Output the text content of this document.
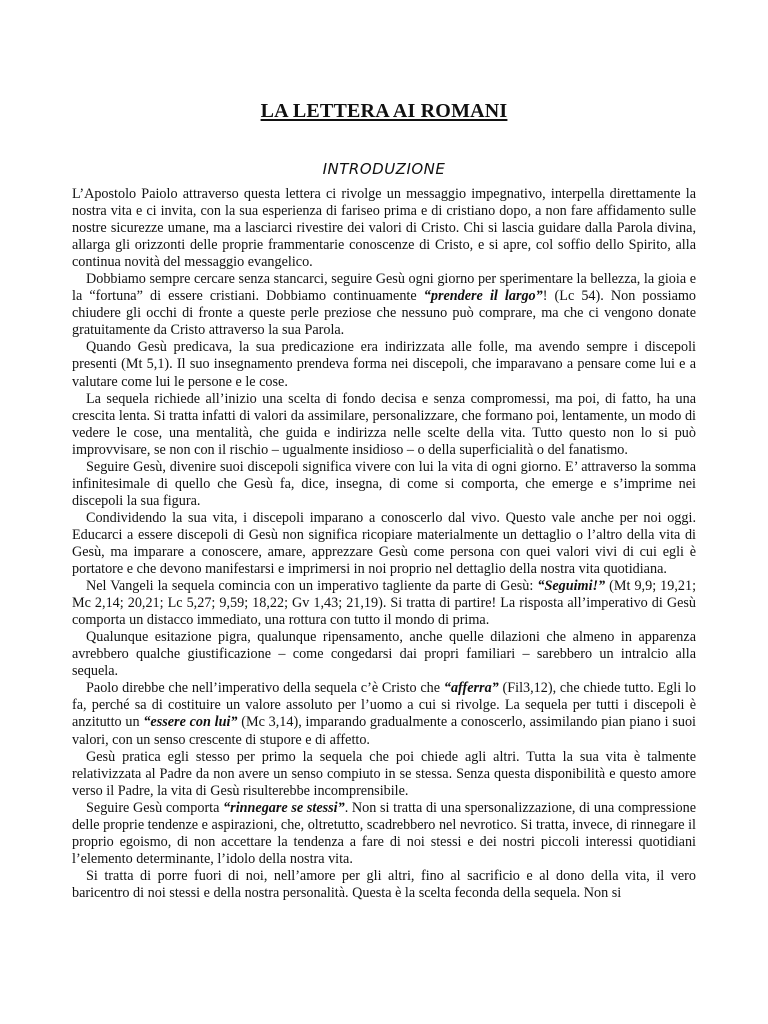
LA LETTERA AI ROMANI
INTRODUZIONE

L’Apostolo Paiolo attraverso questa lettera ci rivolge un messaggio impegnativo, interpella direttamente la nostra vita e ci invita, con la sua esperienza di fariseo prima e di cristiano dopo, a non fare affidamento sulle nostre sicurezze umane, ma a lasciarci rivestire dei valori di Cristo. Chi si lascia guidare dalla Parola divina, allarga gli orizzonti delle proprie frammentarie conoscenze di Cristo, e si apre, col soffio dello Spirito, alla continua novità del messaggio evangelico.

Dobbiamo sempre cercare senza stancarci, seguire Gesù ogni giorno per sperimentare la bellezza, la gioia e la “fortuna” di essere cristiani. Dobbiamo continuamente “prendere il largo”! (Lc 54). Non possiamo chiudere gli occhi di fronte a queste perle preziose che nessuno può comprare, ma che ci vengono donate gratuitamente da Cristo attraverso la sua Parola.

Quando Gesù predicava, la sua predicazione era indirizzata alle folle, ma avendo sempre i discepoli presenti (Mt 5,1). Il suo insegnamento prendeva forma nei discepoli, che imparavano a pensare come lui e a valutare come lui le persone e le cose.

La sequela richiede all’inizio una scelta di fondo decisa e senza compromessi, ma poi, di fatto, ha una crescita lenta. Si tratta infatti di valori da assimilare, personalizzare, che formano poi, lentamente, un modo di vedere le cose, una mentalità, che guida e indirizza nelle scelte della vita. Tutto questo non lo si può improvvisare, se non con il rischio – ugualmente insidioso – o della superficialità o del fanatismo.

Seguire Gesù, divenire suoi discepoli significa vivere con lui la vita di ogni giorno. E’ attraverso la somma infinitesimale di quello che Gesù fa, dice, insegna, di come si comporta, che emerge e s’imprime nei discepoli la sua figura.

Condividendo la sua vita, i discepoli imparano a conoscerlo dal vivo. Questo vale anche per noi oggi. Educarci a essere discepoli di Gesù non significa ricopiare materialmente un dettaglio o l’altro della vita di Gesù, ma imparare a conoscere, amare, apprezzare Gesù come persona con quei valori vivi di cui egli è portatore e che devono manifestarsi e imprimersi in noi proprio nel dettaglio della nostra vita quotidiana.

Nel Vangeli la sequela comincia con un imperativo tagliente da parte di Gesù: “Seguimi!” (Mt 9,9; 19,21; Mc 2,14; 20,21; Lc 5,27; 9,59; 18,22; Gv 1,43; 21,19). Si tratta di partire! La risposta all’imperativo di Gesù comporta un distacco immediato, una rottura con tutto il mondo di prima.

Qualunque esitazione pigra, qualunque ripensamento, anche quelle dilazioni che almeno in apparenza avrebbero qualche giustificazione – come congedarsi dai propri familiari – sarebbero un intralcio alla sequela.

Paolo direbbe che nell’imperativo della sequela c’è Cristo che “afferra” (Fil3,12), che chiede tutto. Egli lo fa, perché sa di costituire un valore assoluto per l’uomo a cui si rivolge. La sequela per tutti i discepoli è anzitutto un “essere con lui” (Mc 3,14), imparando gradualmente a conoscerlo, assimilando pian piano i suoi valori, con un senso crescente di stupore e di affetto.

Gesù pratica egli stesso per primo la sequela che poi chiede agli altri. Tutta la sua vita è talmente relativizzata al Padre da non avere un senso compiuto in se stessa. Senza questa disponibilità e questo amore verso il Padre, la vita di Gesù risulterebbe incomprensibile.

Seguire Gesù comporta “rinnegare se stessi”. Non si tratta di una spersonalizzazione, di una compressione delle proprie tendenze e aspirazioni, che, oltretutto, scadrebbero nel nevrotico. Si tratta, invece, di rinnegare il proprio egoismo, di non accettare la tendenza a fare di noi stessi e dei nostri piccoli interessi quotidiani l’elemento determinante, l’idolo della nostra vita.

Si tratta di porre fuori di noi, nell’amore per gli altri, fino al sacrificio e al dono della vita, il vero baricentro di noi stessi e della nostra personalità. Questa è la scelta feconda della sequela. Non si
